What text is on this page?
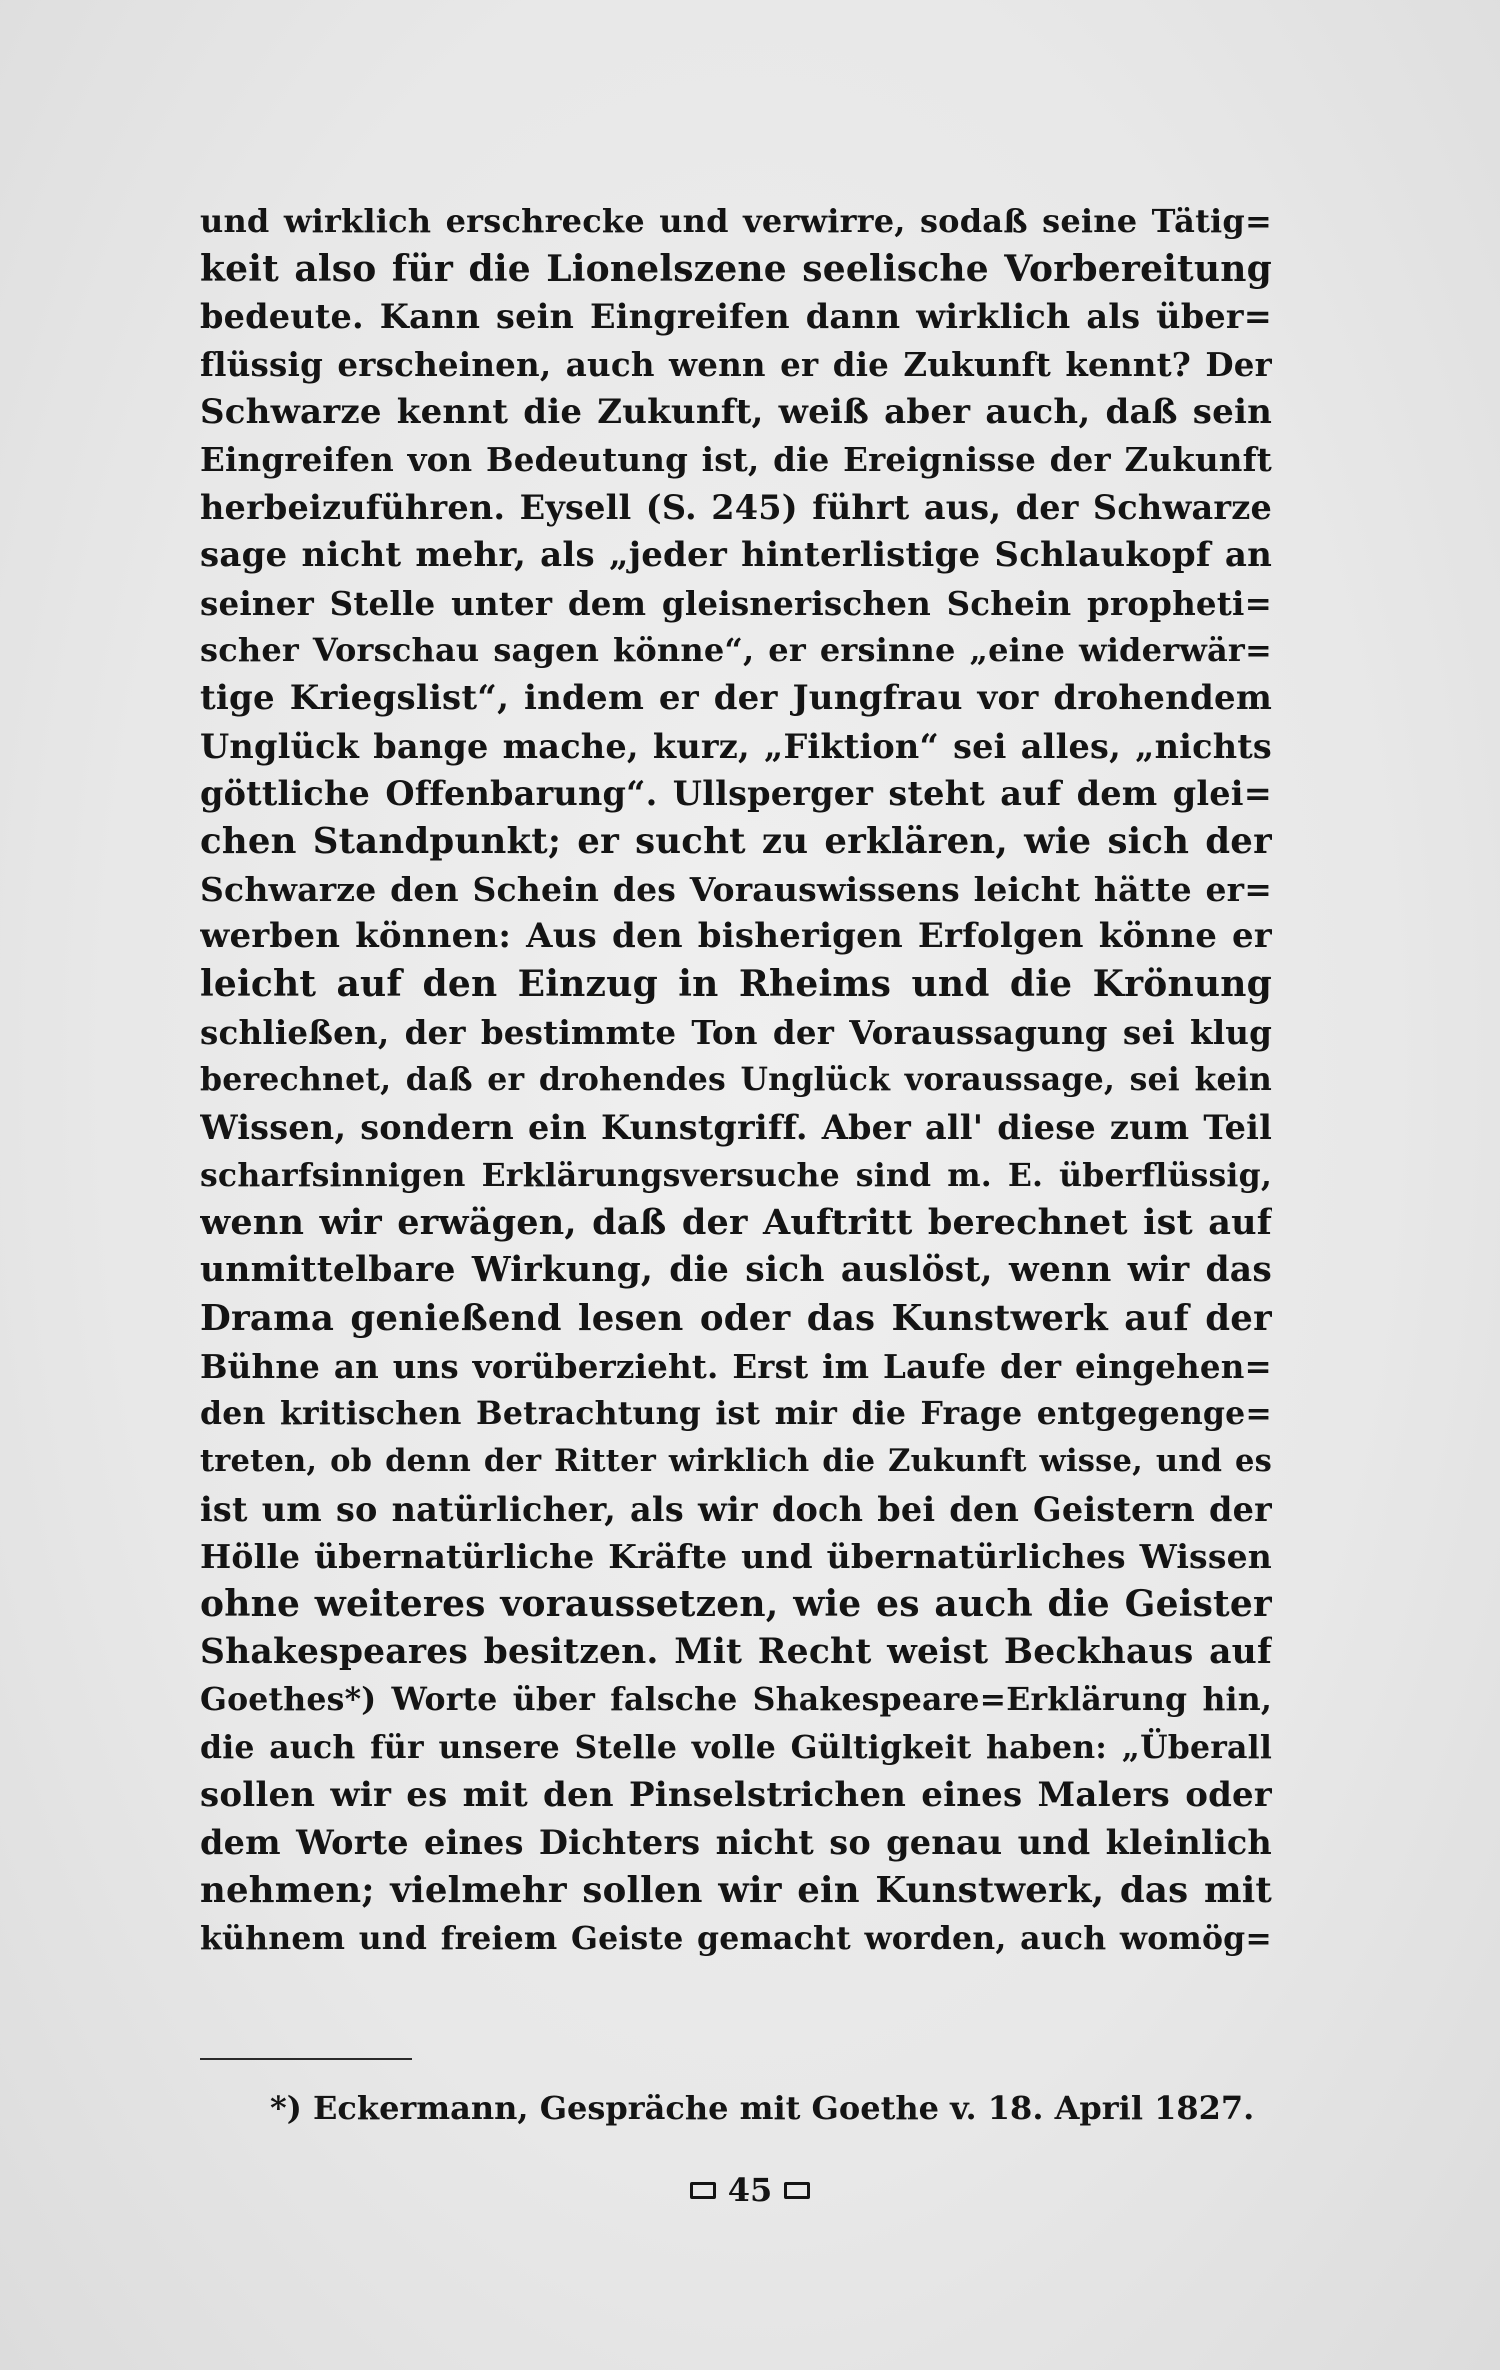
und wirklich erschrecke und verwirre, sodaß seine Tätig=
keit also für die Lionelszene seelische Vorbereitung
bedeute. Kann sein Eingreifen dann wirklich als über=
flüssig erscheinen, auch wenn er die Zukunft kennt? Der
Schwarze kennt die Zukunft, weiß aber auch, daß sein
Eingreifen von Bedeutung ist, die Ereignisse der Zukunft
herbeizuführen. Eysell (S. 245) führt aus, der Schwarze
sage nicht mehr, als „jeder hinterlistige Schlaukopf an
seiner Stelle unter dem gleisnerischen Schein propheti=
scher Vorschau sagen könne“, er ersinne „eine widerwär=
tige Kriegslist“, indem er der Jungfrau vor drohendem
Unglück bange mache, kurz, „Fiktion“ sei alles, „nichts
göttliche Offenbarung“. Ullsperger steht auf dem glei=
chen Standpunkt; er sucht zu erklären, wie sich der
Schwarze den Schein des Vorauswissens leicht hätte er=
werben können: Aus den bisherigen Erfolgen könne er
leicht auf den Einzug in Rheims und die Krönung
schließen, der bestimmte Ton der Voraussagung sei klug
berechnet, daß er drohendes Unglück voraussage, sei kein
Wissen, sondern ein Kunstgriff. Aber all' diese zum Teil
scharfsinnigen Erklärungsversuche sind m. E. überflüssig,
wenn wir erwägen, daß der Auftritt berechnet ist auf
unmittelbare Wirkung, die sich auslöst, wenn wir das
Drama genießend lesen oder das Kunstwerk auf der
Bühne an uns vorüberzieht. Erst im Laufe der eingehen=
den kritischen Betrachtung ist mir die Frage entgegenge=
treten, ob denn der Ritter wirklich die Zukunft wisse, und es
ist um so natürlicher, als wir doch bei den Geistern der
Hölle übernatürliche Kräfte und übernatürliches Wissen
ohne weiteres voraussetzen, wie es auch die Geister
Shakespeares besitzen. Mit Recht weist Beckhaus auf
Goethes*) Worte über falsche Shakespeare=Erklärung hin,
die auch für unsere Stelle volle Gültigkeit haben: „Überall
sollen wir es mit den Pinselstrichen eines Malers oder
dem Worte eines Dichters nicht so genau und kleinlich
nehmen; vielmehr sollen wir ein Kunstwerk, das mit
kühnem und freiem Geiste gemacht worden, auch womög=
*) Eckermann, Gespräche mit Goethe v. 18. April 1827.
45
